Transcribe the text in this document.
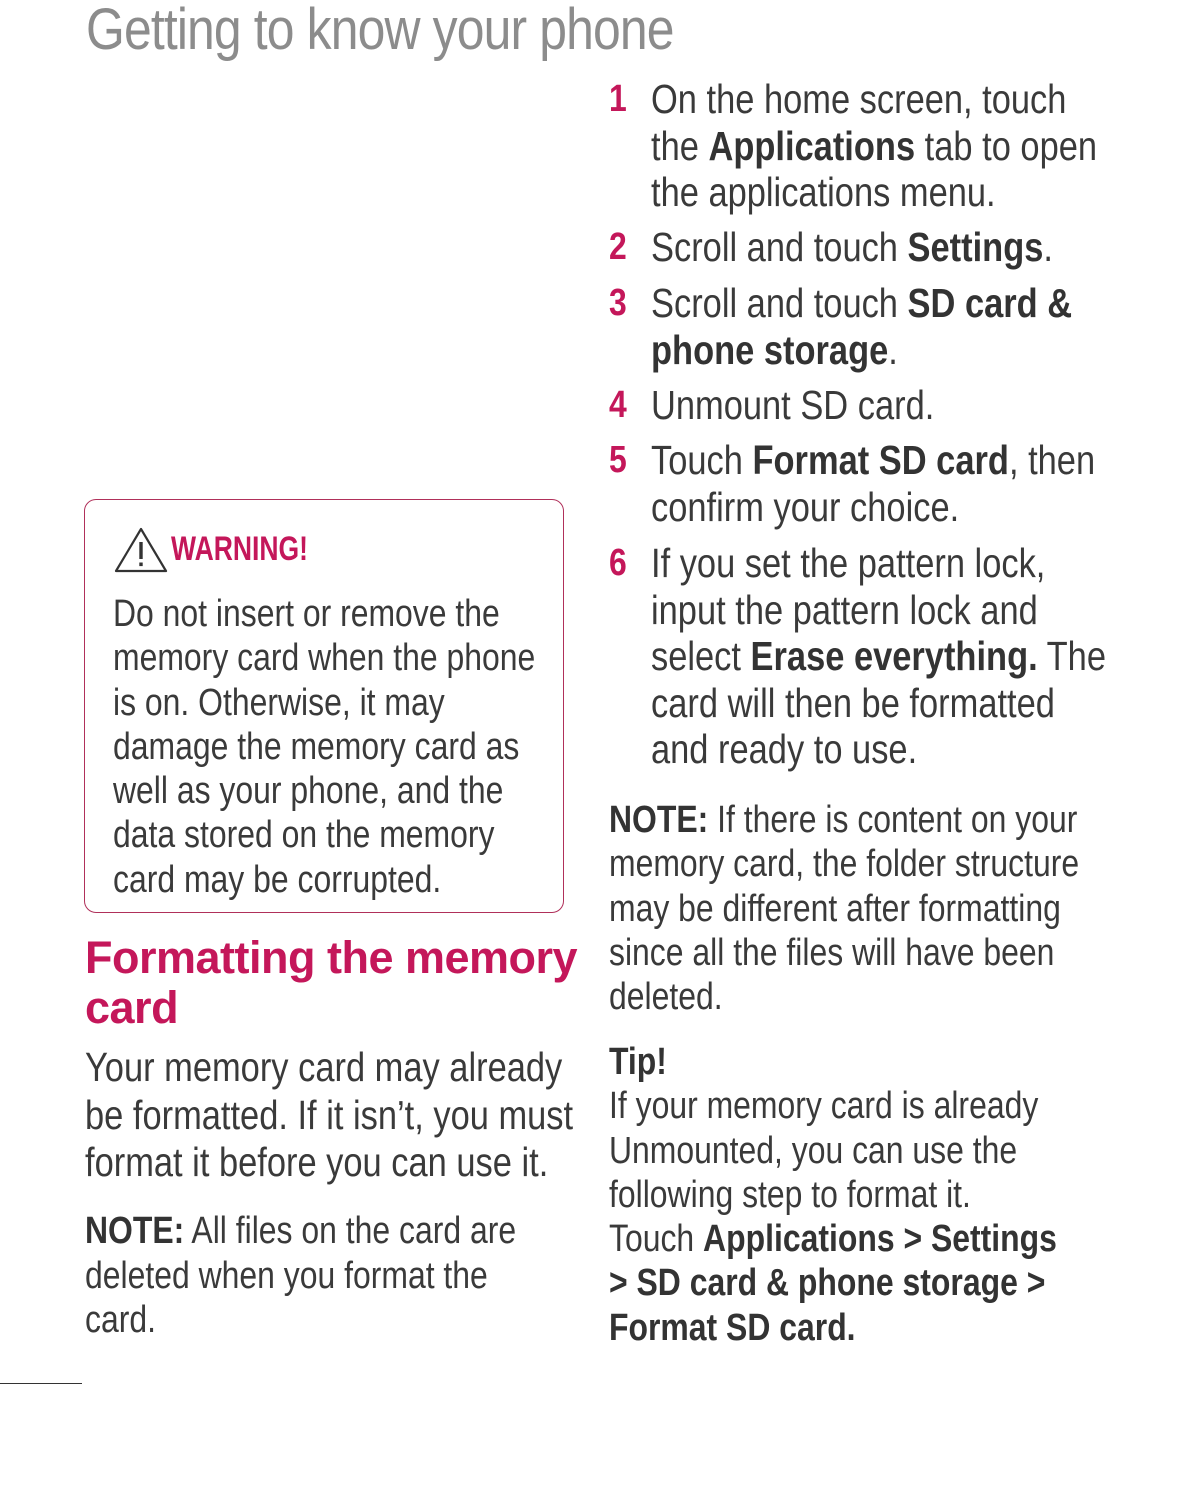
Getting to know your phone
WARNING!
Do not insert or remove the
memory card when the phone
is on. Otherwise, it may
damage the memory card as
well as your phone, and the
data stored on the memory
card may be corrupted.
Formatting the memory
card
Your memory card may already
be formatted. If it isn’t, you must
format it before you can use it.
NOTE: All files on the card are
deleted when you format the
card.
1 On the home screen, touch
the Applications tab to open
the applications menu.
2 Scroll and touch Settings.
3 Scroll and touch SD card &
phone storage.
4 Unmount SD card.
5 Touch Format SD card, then
confirm your choice.
6 If you set the pattern lock,
input the pattern lock and
select Erase everything. The
card will then be formatted
and ready to use.
NOTE: If there is content on your
memory card, the folder structure
may be different after formatting
since all the files will have been
deleted.
Tip!
If your memory card is already
Unmounted, you can use the
following step to format it.
Touch Applications > Settings
> SD card & phone storage >
Format SD card.
